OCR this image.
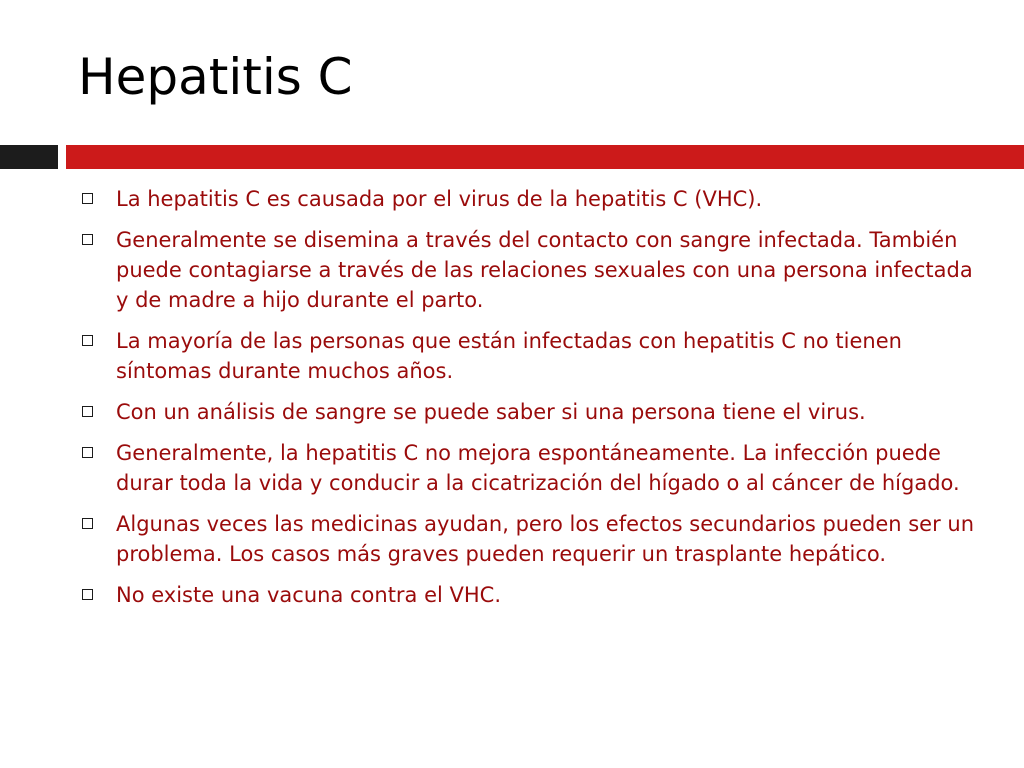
Hepatitis C
La hepatitis C es causada por el virus de la hepatitis C (VHC).
Generalmente se disemina a través del contacto con sangre infectada. También puede contagiarse a través de las relaciones sexuales con una persona infectada y de madre a hijo durante el parto.
La mayoría de las personas que están infectadas con hepatitis C no tienen síntomas durante muchos años.
Con un análisis de sangre se puede saber si una persona tiene el virus.
Generalmente, la hepatitis C no mejora espontáneamente. La infección puede durar toda la vida y conducir a la cicatrización del hígado o al cáncer de hígado.
Algunas veces las medicinas ayudan, pero los efectos secundarios pueden ser un problema. Los casos más graves pueden requerir un trasplante hepático.
No existe una vacuna contra el VHC.
